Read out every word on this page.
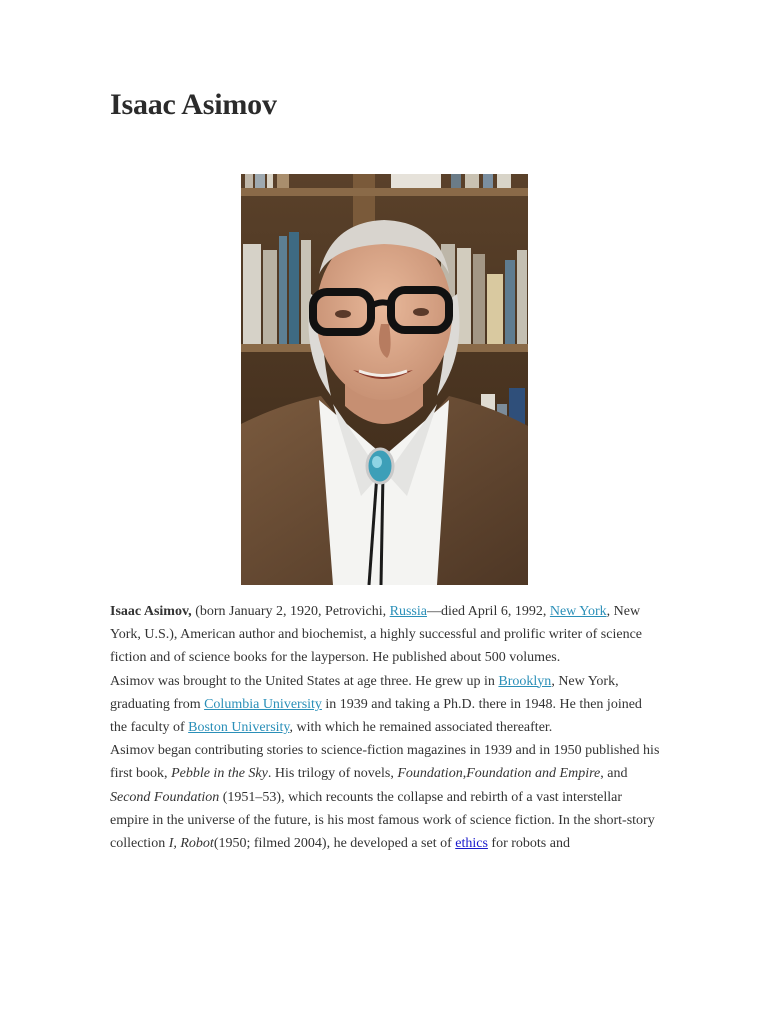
Isaac Asimov

Isaac Asimov, (born January 2, 1920, Petrovichi, Russia—died April 6, 1992, New York, New York, U.S.), American author and biochemist, a highly successful and prolific writer of science fiction and of science books for the layperson. He published about 500 volumes.

Asimov was brought to the United States at age three. He grew up in Brooklyn, New York, graduating from Columbia University in 1939 and taking a Ph.D. there in 1948. He then joined the faculty of Boston University, with which he remained associated thereafter.

Asimov began contributing stories to science-fiction magazines in 1939 and in 1950 published his first book, Pebble in the Sky. His trilogy of novels, Foundation,Foundation and Empire, and Second Foundation (1951–53), which recounts the collapse and rebirth of a vast interstellar empire in the universe of the future, is his most famous work of science fiction. In the short-story collection I, Robot(1950; filmed 2004), he developed a set of ethics for robots and
